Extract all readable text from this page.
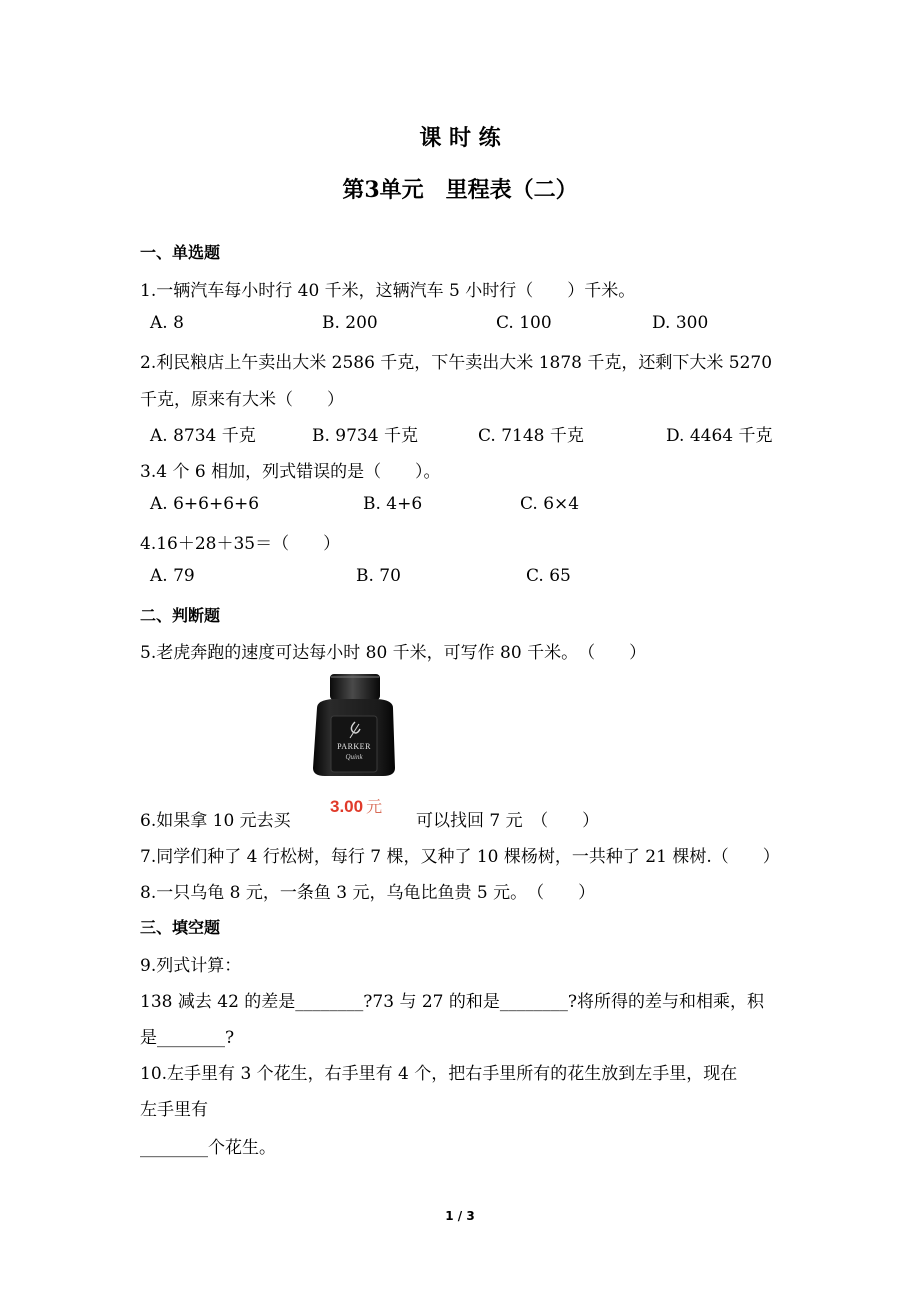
课 时 练
第3单元　里程表（二）
一、单选题
1.一辆汽车每小时行 40 千米，这辆汽车 5 小时行（　　）千米。
A. 8	B. 200	C. 100	D. 300
2.利民粮店上午卖出大米 2586 千克，下午卖出大米 1878 千克，还剩下大米 5270
千克，原来有大米（　　）
A. 8734 千克	B. 9734 千克	C. 7148 千克	D. 4464 千克
3.4 个 6 相加，列式错误的是（　　）。
A. 6+6+6+6	B. 4+6	C. 6×4
4.16＋28＋35＝（　　）
A. 79	B. 70	C. 65
二、判断题
5.老虎奔跑的速度可达每小时 80 千米，可写作 80 千米。　（　　）
PARKER
Quink
3.00 元
6.如果拿 10 元去买	可以找回 7 元　（　　）
7.同学们种了 4 行松树，每行 7 棵，又种了 10 棵杨树，一共种了 21 棵树.（　　）
8.一只乌龟 8 元，一条鱼 3 元，乌龟比鱼贵 5 元。　（　　）
三、填空题
9.列式计算：
138 减去 42 的差是________?73 与 27 的和是________?将所得的差与和相乘，积
是________?
10.左手里有 3 个花生，右手里有 4 个，把右手里所有的花生放到左手里，现在
左手里有
________个花生。
1 / 3
